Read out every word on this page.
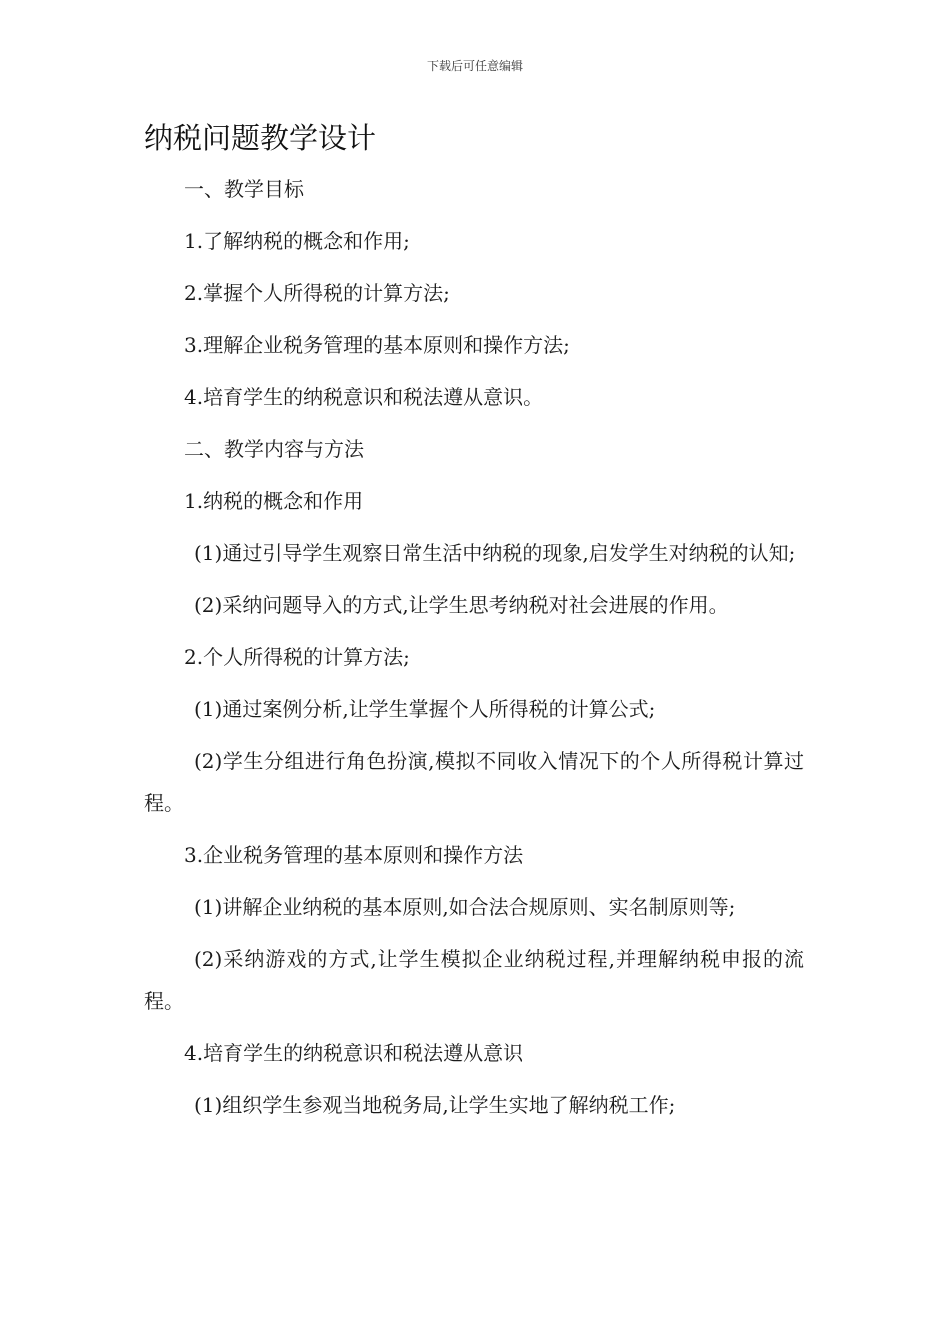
下载后可任意编辑
纳税问题教学设计

一、教学目标

1.了解纳税的概念和作用;

2.掌握个人所得税的计算方法;

3.理解企业税务管理的基本原则和操作方法;

4.培育学生的纳税意识和税法遵从意识。

二、教学内容与方法

1.纳税的概念和作用

(1)通过引导学生观察日常生活中纳税的现象,启发学生对纳税的认知;

(2)采纳问题导入的方式,让学生思考纳税对社会进展的作用。

2.个人所得税的计算方法;

(1)通过案例分析,让学生掌握个人所得税的计算公式;

(2)学生分组进行角色扮演,模拟不同收入情况下的个人所得税计算过程。

3.企业税务管理的基本原则和操作方法

(1)讲解企业纳税的基本原则,如合法合规原则、实名制原则等;

(2)采纳游戏的方式,让学生模拟企业纳税过程,并理解纳税申报的流程。

4.培育学生的纳税意识和税法遵从意识

(1)组织学生参观当地税务局,让学生实地了解纳税工作;
